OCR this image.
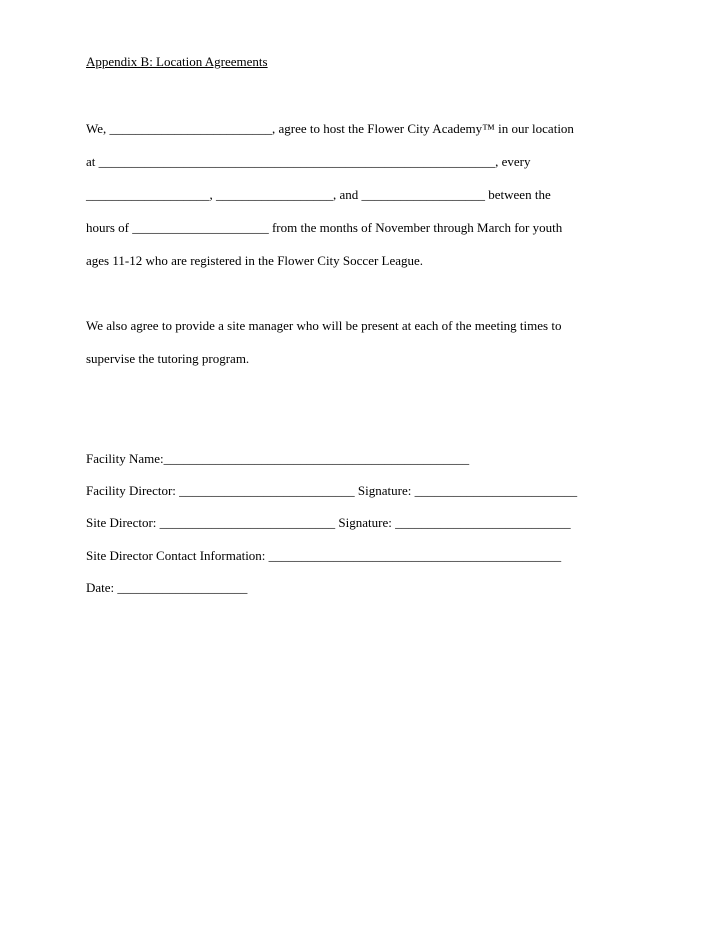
Appendix B: Location Agreements
We, _________________________, agree to host the Flower City Academy™ in our location
at _____________________________________________________________, every
___________________, __________________, and ___________________ between the
hours of _____________________ from the months of November through March for youth
ages 11-12 who are registered in the Flower City Soccer League.
We also agree to provide a site manager who will be present at each of the meeting times to
supervise the tutoring program.
Facility Name:_______________________________________________
Facility Director: ___________________________ Signature: _________________________
Site Director: ___________________________ Signature: ___________________________
Site Director Contact Information: _____________________________________________
Date: ____________________
